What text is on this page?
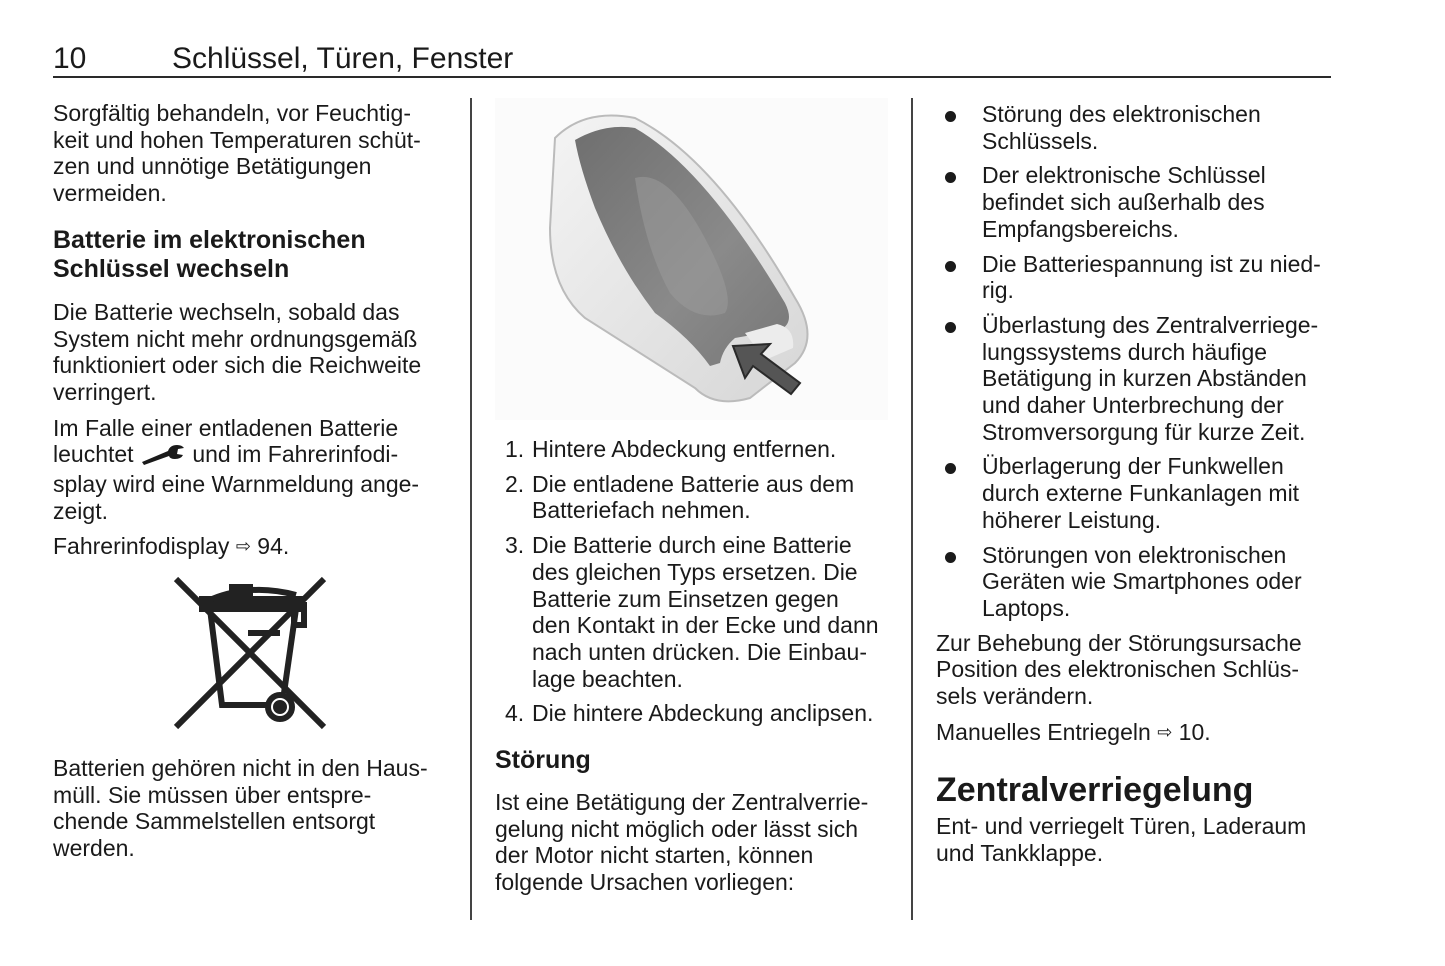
10	Schlüssel, Türen, Fenster

Sorgfältig behandeln, vor Feuchtig-
keit und hohen Temperaturen schüt-
zen und unnötige Betätigungen
vermeiden.

Batterie im elektronischen
Schlüssel wechseln

Die Batterie wechseln, sobald das
System nicht mehr ordnungsgemäß
funktioniert oder sich die Reichweite
verringert.

Im Falle einer entladenen Batterie
leuchtet	und im Fahrerinfodi-
splay wird eine Warnmeldung ange-
zeigt.

Fahrerinfodisplay ⇨ 94.

Batterien gehören nicht in den Haus-
müll. Sie müssen über entspre-
chende Sammelstellen entsorgt
werden.

1. Hintere Abdeckung entfernen.
2. Die entladene Batterie aus dem
Batteriefach nehmen.
3. Die Batterie durch eine Batterie
des gleichen Typs ersetzen. Die
Batterie zum Einsetzen gegen
den Kontakt in der Ecke und dann
nach unten drücken. Die Einbau-
lage beachten.
4. Die hintere Abdeckung anclipsen.
Störung

Ist eine Betätigung der Zentralverrie-
gelung nicht möglich oder lässt sich
der Motor nicht starten, können
folgende Ursachen vorliegen:

Störung des elektronischen
Schlüssels.
Der elektronische Schlüssel
befindet sich außerhalb des
Empfangsbereichs.
Die Batteriespannung ist zu nied-
rig.
Überlastung des Zentralverriege-
lungssystems durch häufige
Betätigung in kurzen Abständen
und daher Unterbrechung der
Stromversorgung für kurze Zeit.
Überlagerung der Funkwellen
durch externe Funkanlagen mit
höherer Leistung.
Störungen von elektronischen
Geräten wie Smartphones oder
Laptops.

Zur Behebung der Störungsursache
Position des elektronischen Schlüs-
sels verändern.

Manuelles Entriegeln ⇨ 10.

Zentralverriegelung

Ent- und verriegelt Türen, Laderaum
und Tankklappe.
